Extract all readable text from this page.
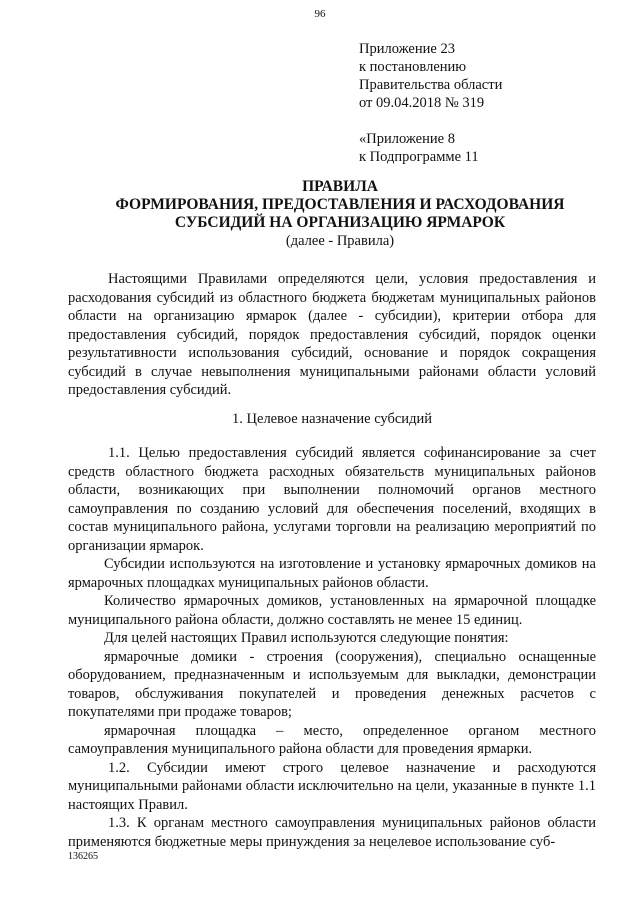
96
Приложение 23
к постановлению
Правительства области
от 09.04.2018 № 319
«Приложение 8
к Подпрограмме 11
ПРАВИЛА
ФОРМИРОВАНИЯ, ПРЕДОСТАВЛЕНИЯ И РАСХОДОВАНИЯ
СУБСИДИЙ НА ОРГАНИЗАЦИЮ ЯРМАРОК
(далее - Правила)

Настоящими Правилами определяются цели, условия предоставления и расходования субсидий из областного бюджета бюджетам муниципальных районов области на организацию ярмарок (далее - субсидии), критерии отбора для предоставления субсидий, порядок предоставления субсидий, порядок оценки результативности использования субсидий, основание и порядок сокращения субсидий в случае невыполнения муниципальными районами области условий предоставления субсидий.

1. Целевое назначение субсидий

1.1. Целью предоставления субсидий является софинансирование за счет средств областного бюджета расходных обязательств муниципальных районов области, возникающих при выполнении полномочий органов местного самоуправления по созданию условий для обеспечения поселений, входящих в состав муниципального района, услугами торговли на реализацию мероприятий по организации ярмарок.

Субсидии используются на изготовление и установку ярмарочных домиков на ярмарочных площадках муниципальных районов области.

Количество ярмарочных домиков, установленных на ярмарочной площадке муниципального района области, должно составлять не менее 15 единиц.

Для целей настоящих Правил используются следующие понятия:

ярмарочные домики - строения (сооружения), специально оснащенные оборудованием, предназначенным и используемым для выкладки, демонстрации товаров, обслуживания покупателей и проведения денежных расчетов с покупателями при продаже товаров;

ярмарочная площадка – место, определенное органом местного самоуправления муниципального района области для проведения ярмарки.

1.2. Субсидии имеют строго целевое назначение и расходуются муниципальными районами области исключительно на цели, указанные в пункте 1.1 настоящих Правил.

1.3. К органам местного самоуправления муниципальных районов области применяются бюджетные меры принуждения за нецелевое использование суб-

136265
